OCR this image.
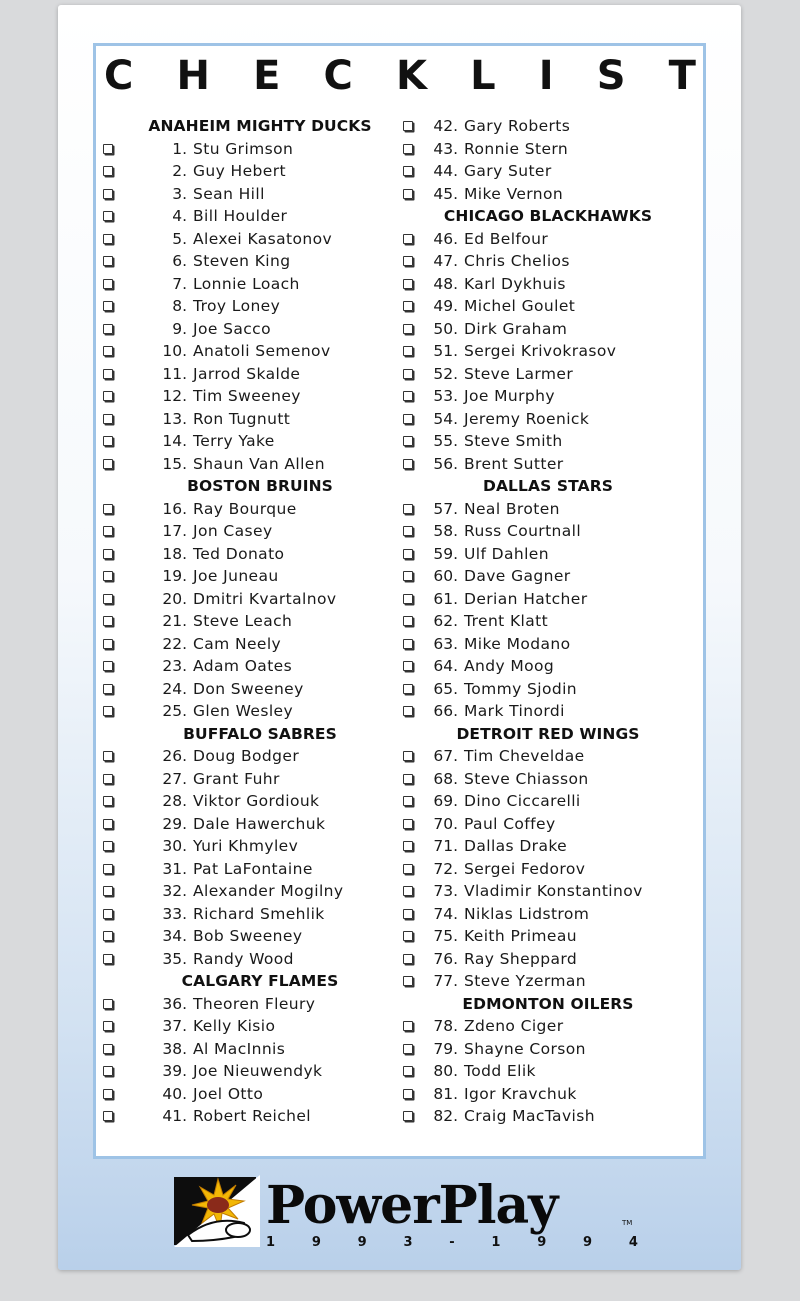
C H E C K L I S T
ANAHEIM MIGHTY DUCKS
1. Stu Grimson
2. Guy Hebert
3. Sean Hill
4. Bill Houlder
5. Alexei Kasatonov
6. Steven King
7. Lonnie Loach
8. Troy Loney
9. Joe Sacco
10. Anatoli Semenov
11. Jarrod Skalde
12. Tim Sweeney
13. Ron Tugnutt
14. Terry Yake
15. Shaun Van Allen
BOSTON BRUINS
16. Ray Bourque
17. Jon Casey
18. Ted Donato
19. Joe Juneau
20. Dmitri Kvartalnov
21. Steve Leach
22. Cam Neely
23. Adam Oates
24. Don Sweeney
25. Glen Wesley
BUFFALO SABRES
26. Doug Bodger
27. Grant Fuhr
28. Viktor Gordiouk
29. Dale Hawerchuk
30. Yuri Khmylev
31. Pat LaFontaine
32. Alexander Mogilny
33. Richard Smehlik
34. Bob Sweeney
35. Randy Wood
CALGARY FLAMES
36. Theoren Fleury
37. Kelly Kisio
38. Al MacInnis
39. Joe Nieuwendyk
40. Joel Otto
41. Robert Reichel
42. Gary Roberts
43. Ronnie Stern
44. Gary Suter
45. Mike Vernon
CHICAGO BLACKHAWKS
46. Ed Belfour
47. Chris Chelios
48. Karl Dykhuis
49. Michel Goulet
50. Dirk Graham
51. Sergei Krivokrasov
52. Steve Larmer
53. Joe Murphy
54. Jeremy Roenick
55. Steve Smith
56. Brent Sutter
DALLAS STARS
57. Neal Broten
58. Russ Courtnall
59. Ulf Dahlen
60. Dave Gagner
61. Derian Hatcher
62. Trent Klatt
63. Mike Modano
64. Andy Moog
65. Tommy Sjodin
66. Mark Tinordi
DETROIT RED WINGS
67. Tim Cheveldae
68. Steve Chiasson
69. Dino Ciccarelli
70. Paul Coffey
71. Dallas Drake
72. Sergei Fedorov
73. Vladimir Konstantinov
74. Niklas Lidstrom
75. Keith Primeau
76. Ray Sheppard
77. Steve Yzerman
EDMONTON OILERS
78. Zdeno Ciger
79. Shayne Corson
80. Todd Elik
81. Igor Kravchuk
82. Craig MacTavish
PowerPlay	TM
1	9	9	3	-	1	9	9	4
